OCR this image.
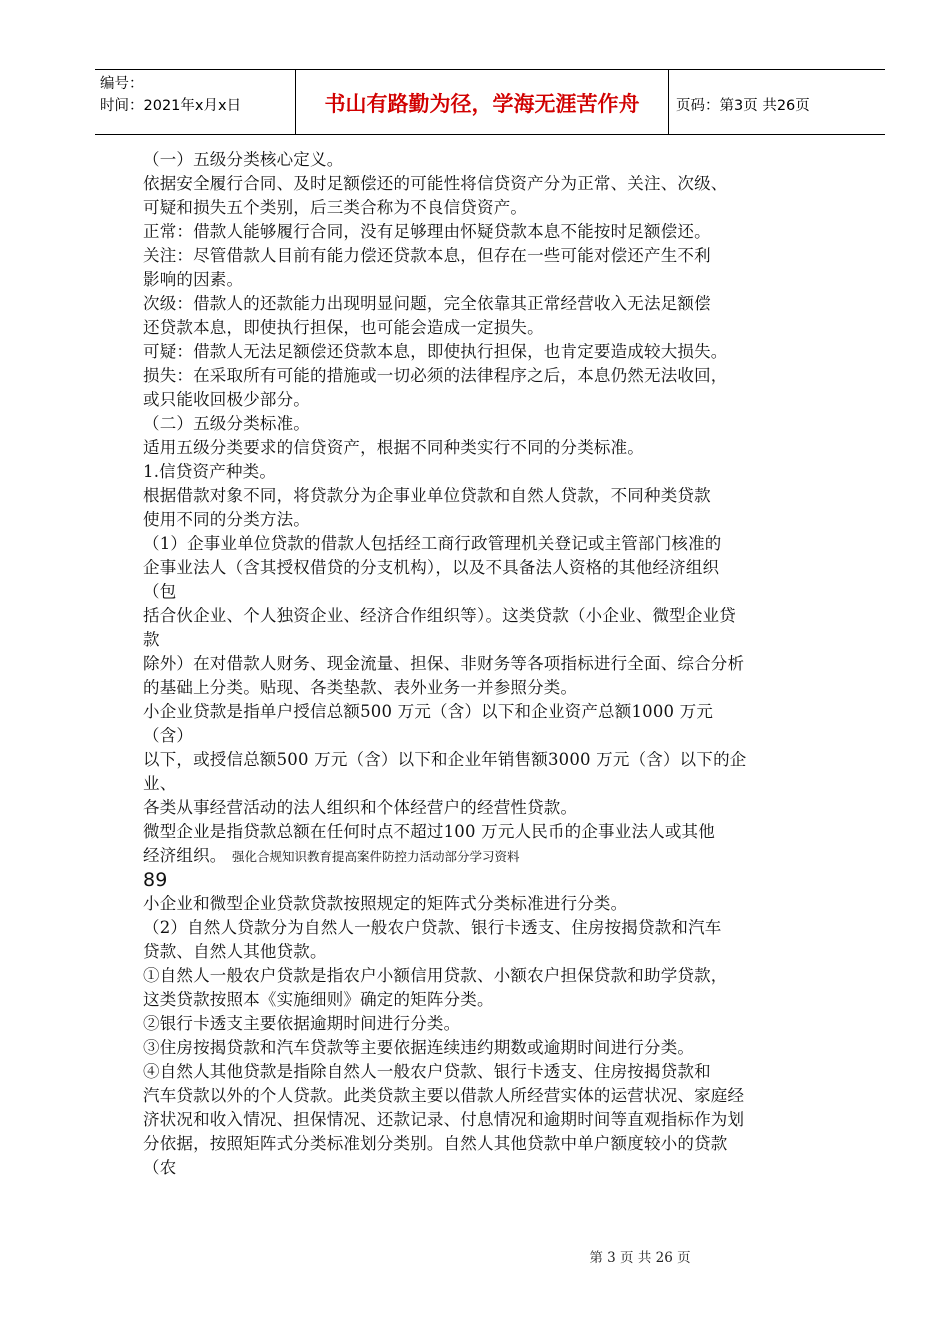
编号：
时间：2021年x月x日	书山有路勤为径，学海无涯苦作舟	页码：第3页 共26页
（一）五级分类核心定义。
依据安全履行合同、及时足额偿还的可能性将信贷资产分为正常、关注、次级、
可疑和损失五个类别，后三类合称为不良信贷资产。
正常：借款人能够履行合同，没有足够理由怀疑贷款本息不能按时足额偿还。
关注：尽管借款人目前有能力偿还贷款本息，但存在一些可能对偿还产生不利
影响的因素。
次级：借款人的还款能力出现明显问题，完全依靠其正常经营收入无法足额偿
还贷款本息，即使执行担保，也可能会造成一定损失。
可疑：借款人无法足额偿还贷款本息，即使执行担保，也肯定要造成较大损失。
损失：在采取所有可能的措施或一切必须的法律程序之后，本息仍然无法收回，
或只能收回极少部分。
（二）五级分类标准。
适用五级分类要求的信贷资产，根据不同种类实行不同的分类标准。
1.信贷资产种类。
根据借款对象不同，将贷款分为企事业单位贷款和自然人贷款，不同种类贷款
使用不同的分类方法。
（1）企事业单位贷款的借款人包括经工商行政管理机关登记或主管部门核准的
企事业法人（含其授权借贷的分支机构），以及不具备法人资格的其他经济组织
（包
括合伙企业、个人独资企业、经济合作组织等）。这类贷款（小企业、微型企业贷
款
除外）在对借款人财务、现金流量、担保、非财务等各项指标进行全面、综合分析
的基础上分类。贴现、各类垫款、表外业务一并参照分类。
小企业贷款是指单户授信总额500 万元（含）以下和企业资产总额1000 万元
（含）
以下，或授信总额500 万元（含）以下和企业年销售额3000 万元（含）以下的企
业、
各类从事经营活动的法人组织和个体经营户的经营性贷款。
微型企业是指贷款总额在任何时点不超过100 万元人民币的企事业法人或其他
经济组织。 强化合规知识教育提高案件防控力活动部分学习资料
89
小企业和微型企业贷款贷款按照规定的矩阵式分类标准进行分类。
（2）自然人贷款分为自然人一般农户贷款、银行卡透支、住房按揭贷款和汽车
贷款、自然人其他贷款。
①自然人一般农户贷款是指农户小额信用贷款、小额农户担保贷款和助学贷款，
这类贷款按照本《实施细则》确定的矩阵分类。
②银行卡透支主要依据逾期时间进行分类。
③住房按揭贷款和汽车贷款等主要依据连续违约期数或逾期时间进行分类。
④自然人其他贷款是指除自然人一般农户贷款、银行卡透支、住房按揭贷款和
汽车贷款以外的个人贷款。此类贷款主要以借款人所经营实体的运营状况、家庭经
济状况和收入情况、担保情况、还款记录、付息情况和逾期时间等直观指标作为划
分依据，按照矩阵式分类标准划分类别。自然人其他贷款中单户额度较小的贷款
（农
第 3 页 共 26 页
